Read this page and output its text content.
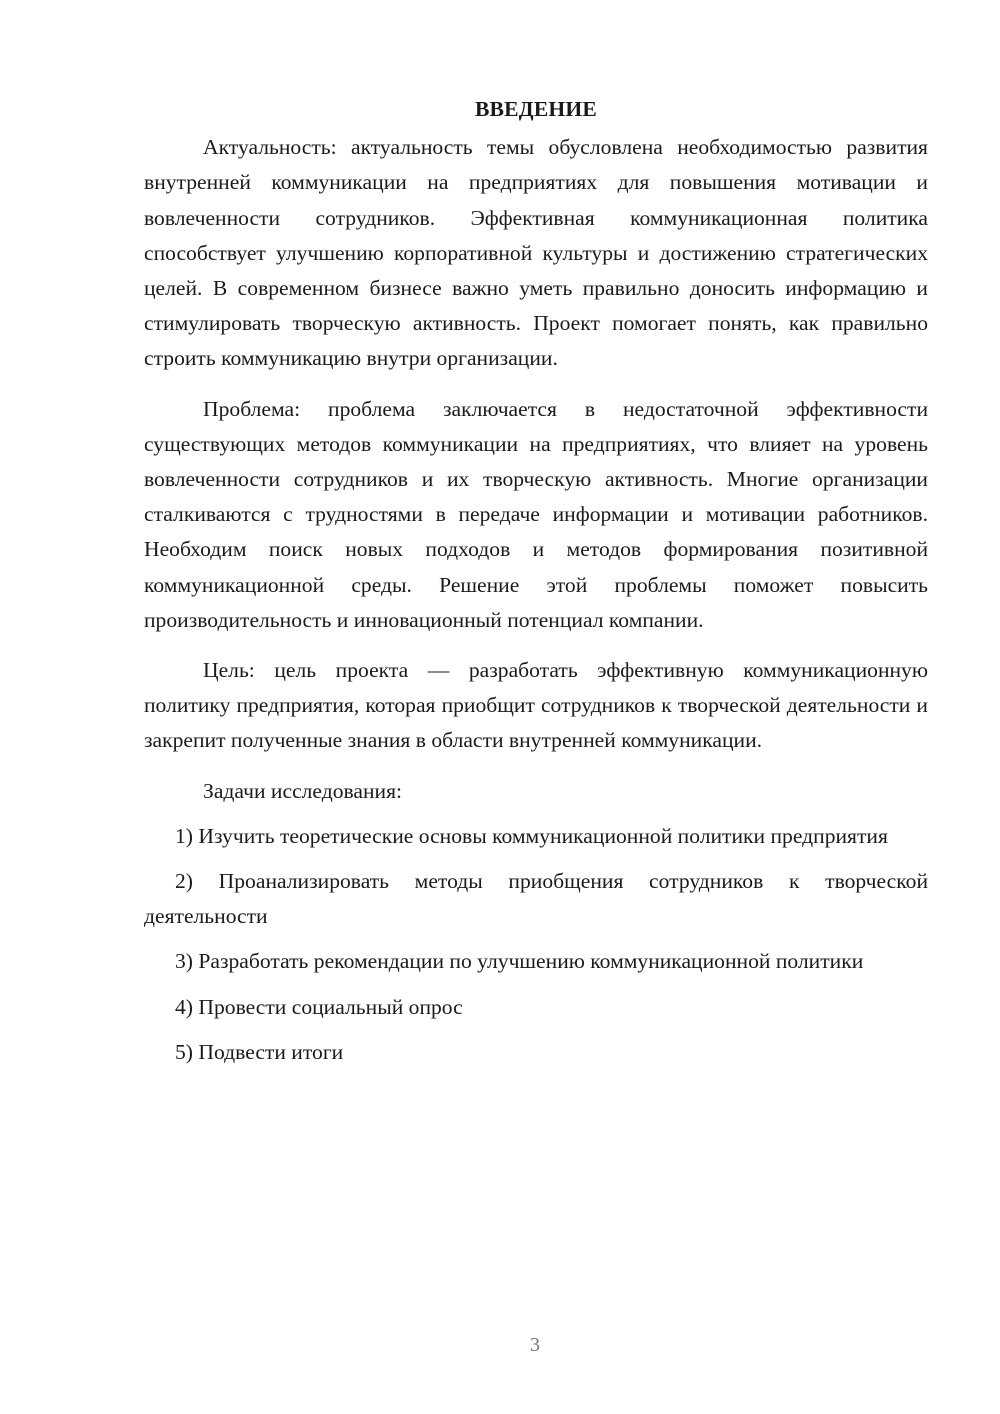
ВВЕДЕНИЕ

Актуальность: актуальность темы обусловлена необходимостью развития внутренней коммуникации на предприятиях для повышения мотивации и вовлеченности сотрудников. Эффективная коммуникационная политика способствует улучшению корпоративной культуры и достижению стратегических целей. В современном бизнесе важно уметь правильно доносить информацию и стимулировать творческую активность. Проект помогает понять, как правильно строить коммуникацию внутри организации.

Проблема: проблема заключается в недостаточной эффективности существующих методов коммуникации на предприятиях, что влияет на уровень вовлеченности сотрудников и их творческую активность. Многие организации сталкиваются с трудностями в передаче информации и мотивации работников. Необходим поиск новых подходов и методов формирования позитивной коммуникационной среды. Решение этой проблемы поможет повысить производительность и инновационный потенциал компании.

Цель: цель проекта — разработать эффективную коммуникационную политику предприятия, которая приобщит сотрудников к творческой деятельности и закрепит полученные знания в области внутренней коммуникации.

Задачи исследования:

1) Изучить теоретические основы коммуникационной политики предприятия

2) Проанализировать методы приобщения сотрудников к творческой деятельности

3) Разработать рекомендации по улучшению коммуникационной политики

4) Провести социальный опрос

5) Подвести итоги

3
